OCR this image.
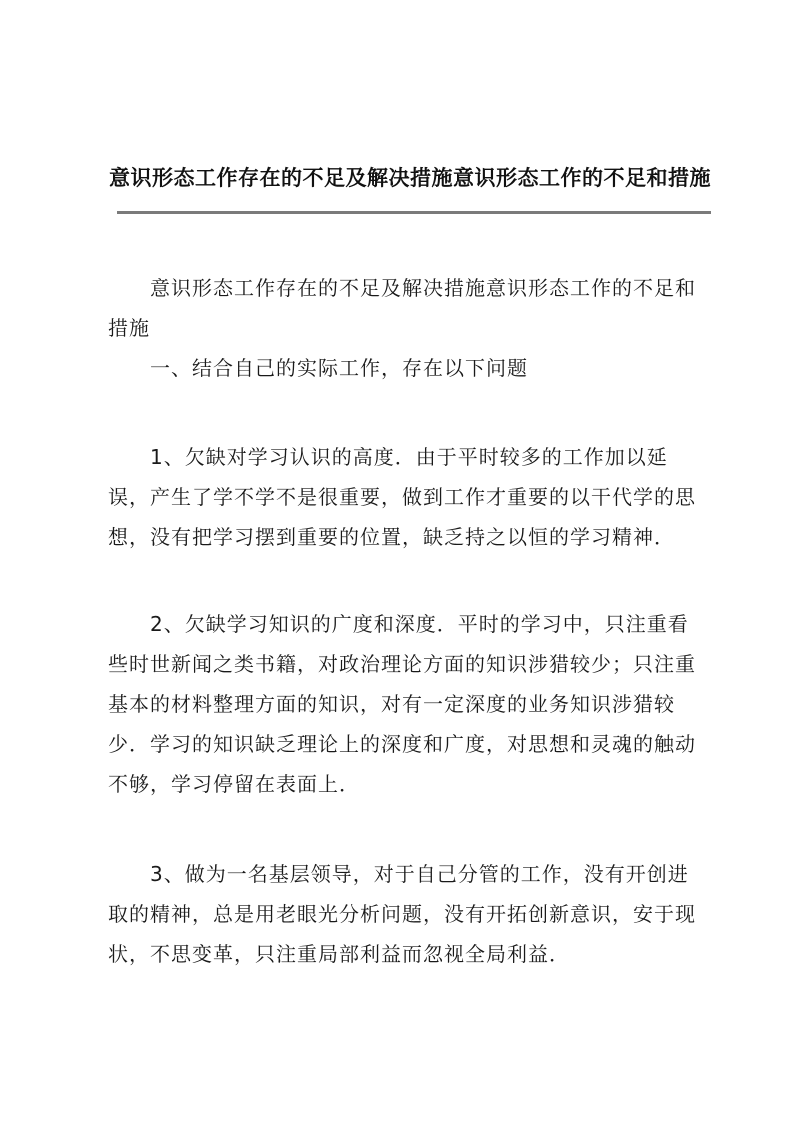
意识形态工作存在的不足及解决措施意识形态工作的不足和措施

意识形态工作存在的不足及解决措施意识形态工作的不足和措施

一、结合自己的实际工作，存在以下问题

1、欠缺对学习认识的高度．由于平时较多的工作加以延误，产生了学不学不是很重要，做到工作才重要的以干代学的思想，没有把学习摆到重要的位置，缺乏持之以恒的学习精神．

2、欠缺学习知识的广度和深度．平时的学习中，只注重看些时世新闻之类书籍，对政治理论方面的知识涉猎较少；只注重基本的材料整理方面的知识，对有一定深度的业务知识涉猎较少．学习的知识缺乏理论上的深度和广度，对思想和灵魂的触动不够，学习停留在表面上．

3、做为一名基层领导，对于自己分管的工作，没有开创进取的精神，总是用老眼光分析问题，没有开拓创新意识，安于现状，不思变革，只注重局部利益而忽视全局利益．
